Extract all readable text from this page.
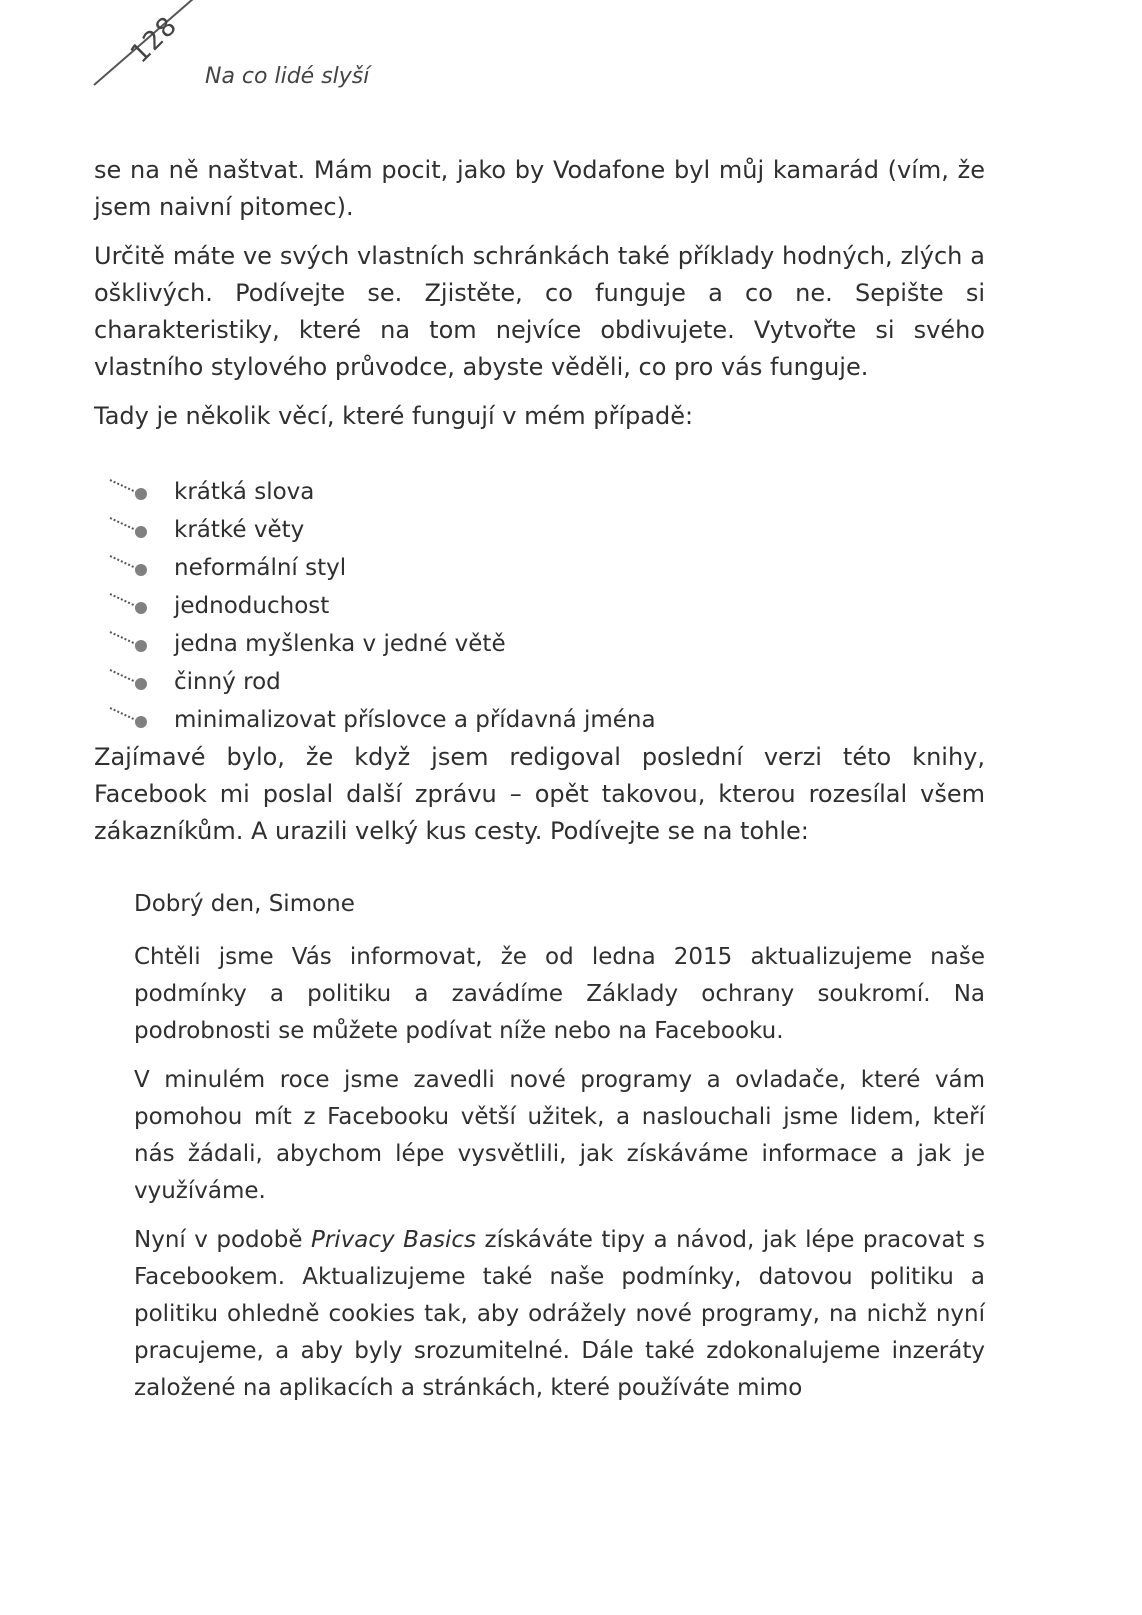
128
Na co lidé slyší

se na ně naštvat. Mám pocit, jako by Vodafone byl můj kamarád (vím, že jsem naivní pitomec).

Určitě máte ve svých vlastních schránkách také příklady hodných, zlých a ošklivých. Podívejte se. Zjistěte, co funguje a co ne. Sepište si charakteristiky, které na tom nejvíce obdivujete. Vytvořte si svého vlastního stylového průvodce, abyste věděli, co pro vás funguje.

Tady je několik věcí, které fungují v mém případě:

krátká slova
krátké věty
neformální styl
jednoduchost
jedna myšlenka v jedné větě
činný rod
minimalizovat příslovce a přídavná jména

Zajímavé bylo, že když jsem redigoval poslední verzi této knihy, Facebook mi poslal další zprávu – opět takovou, kterou rozesílal všem zákazníkům. A urazili velký kus cesty. Podívejte se na tohle:

Dobrý den, Simone

Chtěli jsme Vás informovat, že od ledna 2015 aktualizujeme naše podmínky a politiku a zavádíme Základy ochrany soukromí. Na podrobnosti se můžete podívat níže nebo na Facebooku.

V minulém roce jsme zavedli nové programy a ovladače, které vám pomohou mít z Facebooku větší užitek, a naslouchali jsme lidem, kteří nás žádali, abychom lépe vysvětlili, jak získáváme informace a jak je využíváme.

Nyní v podobě Privacy Basics získáváte tipy a návod, jak lépe pracovat s Facebookem. Aktualizujeme také naše podmínky, datovou politiku a politiku ohledně cookies tak, aby odrážely nové programy, na nichž nyní pracujeme, a aby byly srozumitelné. Dále také zdokonalujeme inzeráty založené na aplikacích a stránkách, které používáte mimo
